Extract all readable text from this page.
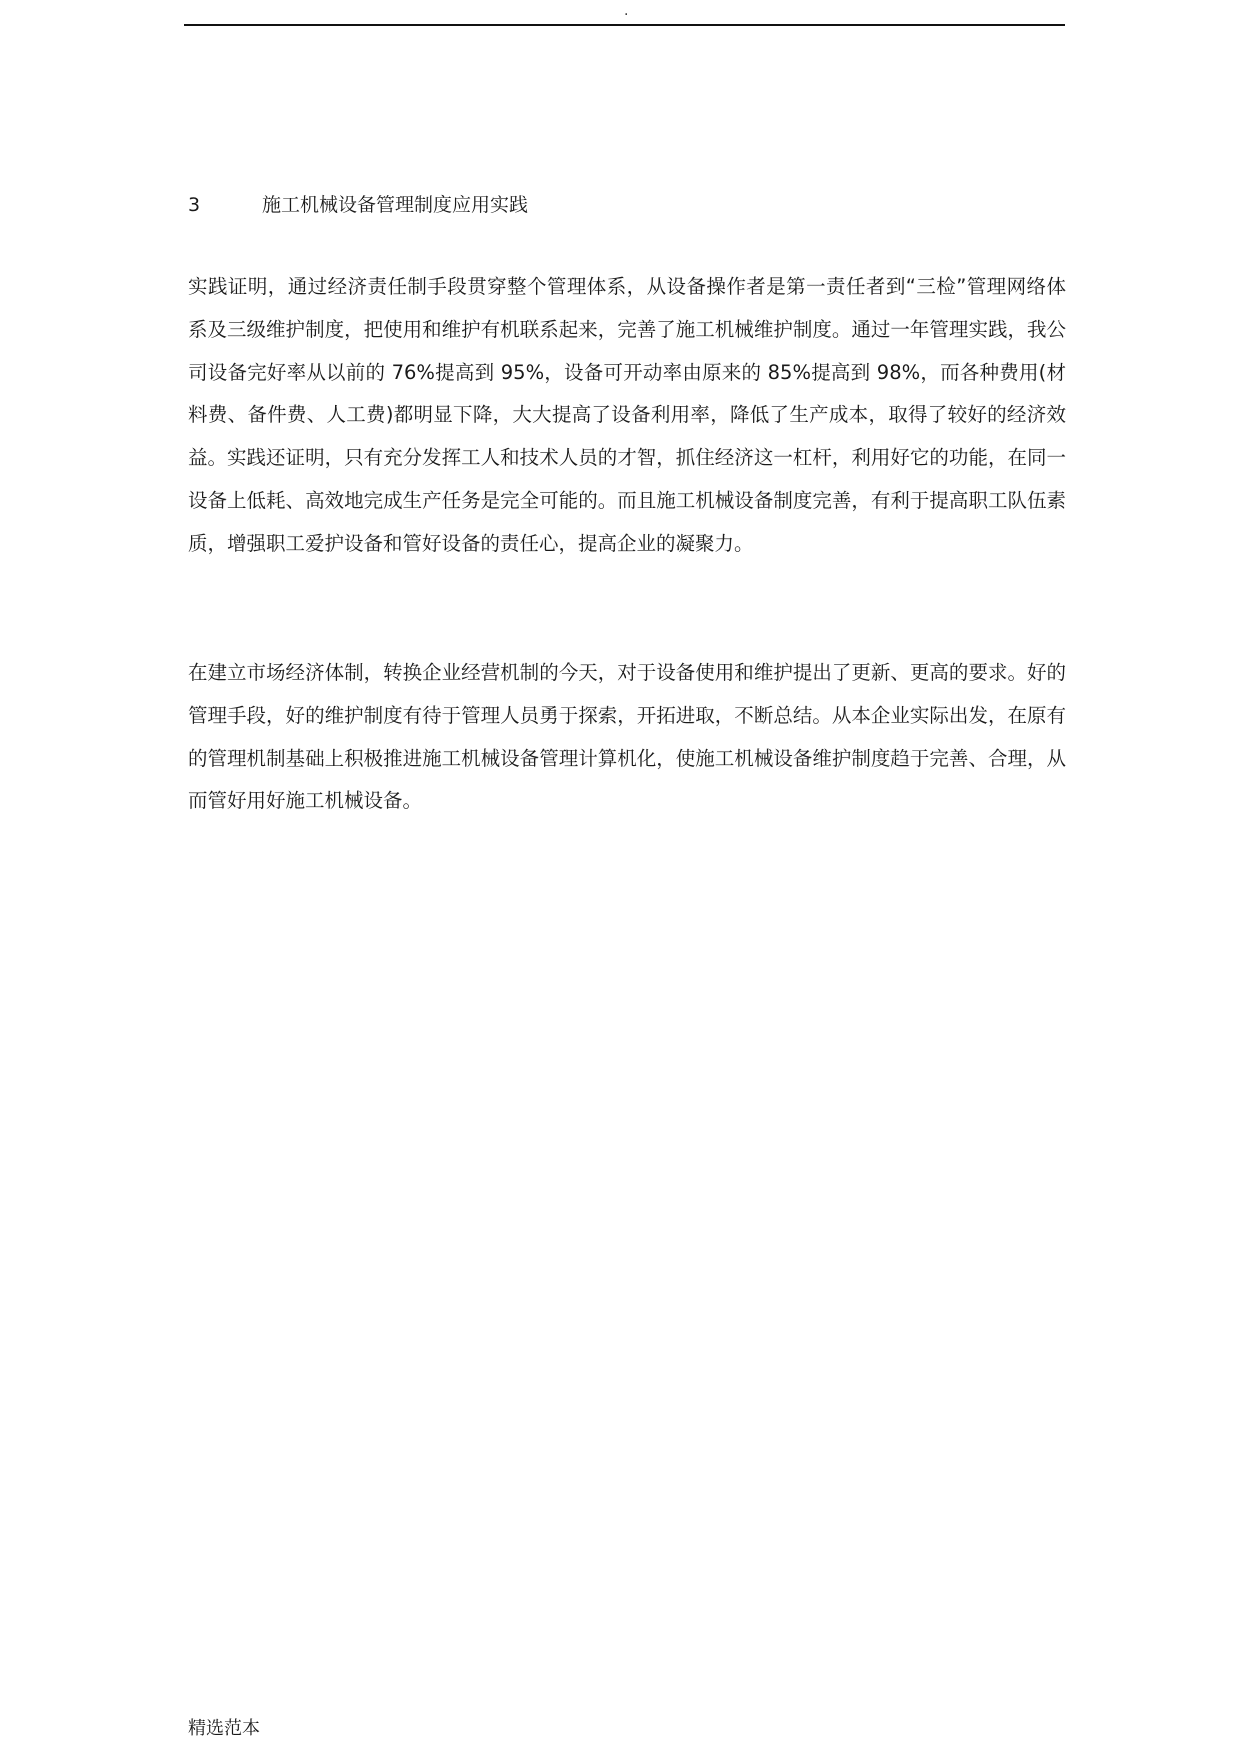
.
3	施工机械设备管理制度应用实践

实践证明，通过经济责任制手段贯穿整个管理体系，从设备操作者是第一责任者到“三检”管理网络体系及三级维护制度，把使用和维护有机联系起来，完善了施工机械维护制度。通过一年管理实践，我公司设备完好率从以前的 76%提高到 95%，设备可开动率由原来的 85%提高到 98%，而各种费用(材料费、备件费、人工费)都明显下降，大大提高了设备利用率，降低了生产成本，取得了较好的经济效益。实践还证明，只有充分发挥工人和技术人员的才智，抓住经济这一杠杆，利用好它的功能，在同一设备上低耗、高效地完成生产任务是完全可能的。而且施工机械设备制度完善，有利于提高职工队伍素质，增强职工爱护设备和管好设备的责任心，提高企业的凝聚力。

在建立市场经济体制，转换企业经营机制的今天，对于设备使用和维护提出了更新、更高的要求。好的管理手段，好的维护制度有待于管理人员勇于探索，开拓进取，不断总结。从本企业实际出发，在原有的管理机制基础上积极推进施工机械设备管理计算机化，使施工机械设备维护制度趋于完善、合理，从而管好用好施工机械设备。

精选范本
